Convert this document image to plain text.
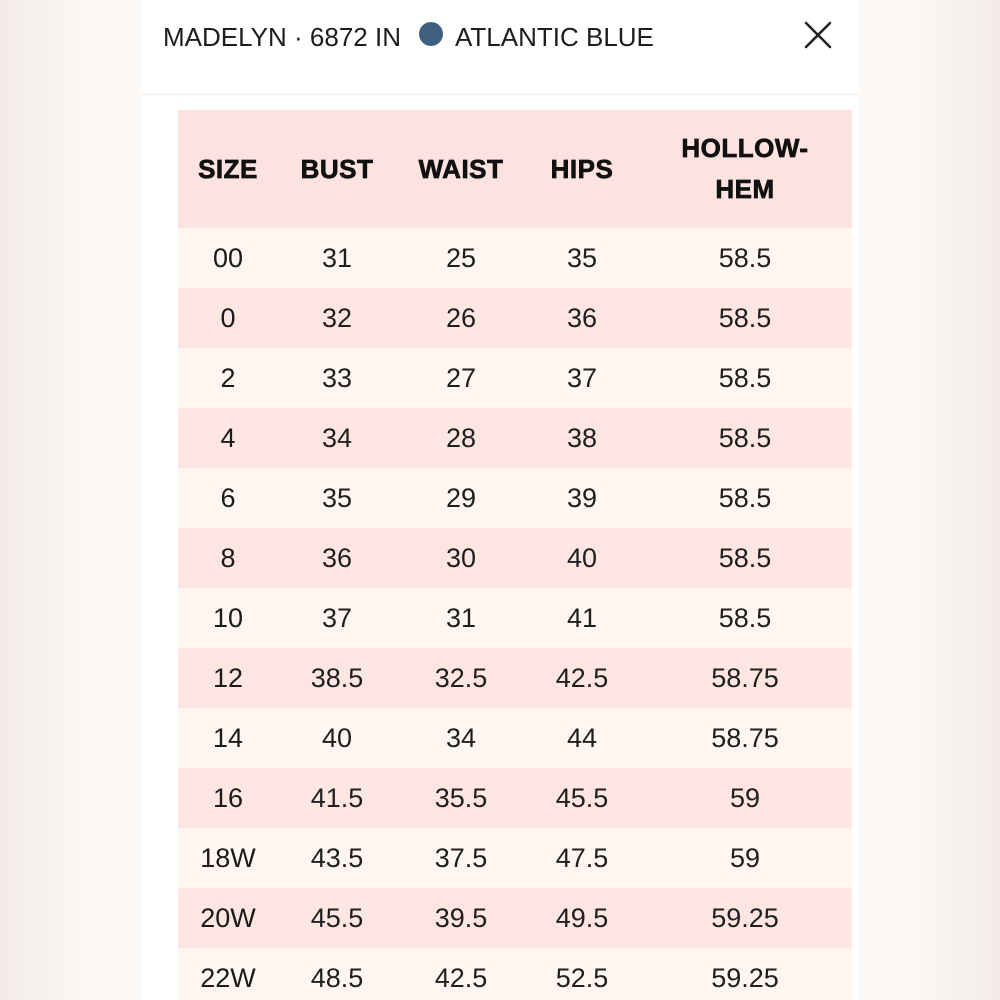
MADELYN
·
6872 IN ATLANTIC BLUE
SIZE	BUST	WAIST	HIPS	HOLLOW-
HEM
00	31	25	35	58.5
0	32	26	36	58.5
2	33	27	37	58.5
4	34	28	38	58.5
6	35	29	39	58.5
8	36	30	40	58.5
10	37	31	41	58.5
12	38.5	32.5	42.5	58.75
14	40	34	44	58.75
16	41.5	35.5	45.5	59
18W	43.5	37.5	47.5	59
20W	45.5	39.5	49.5	59.25
22W	48.5	42.5	52.5	59.25
